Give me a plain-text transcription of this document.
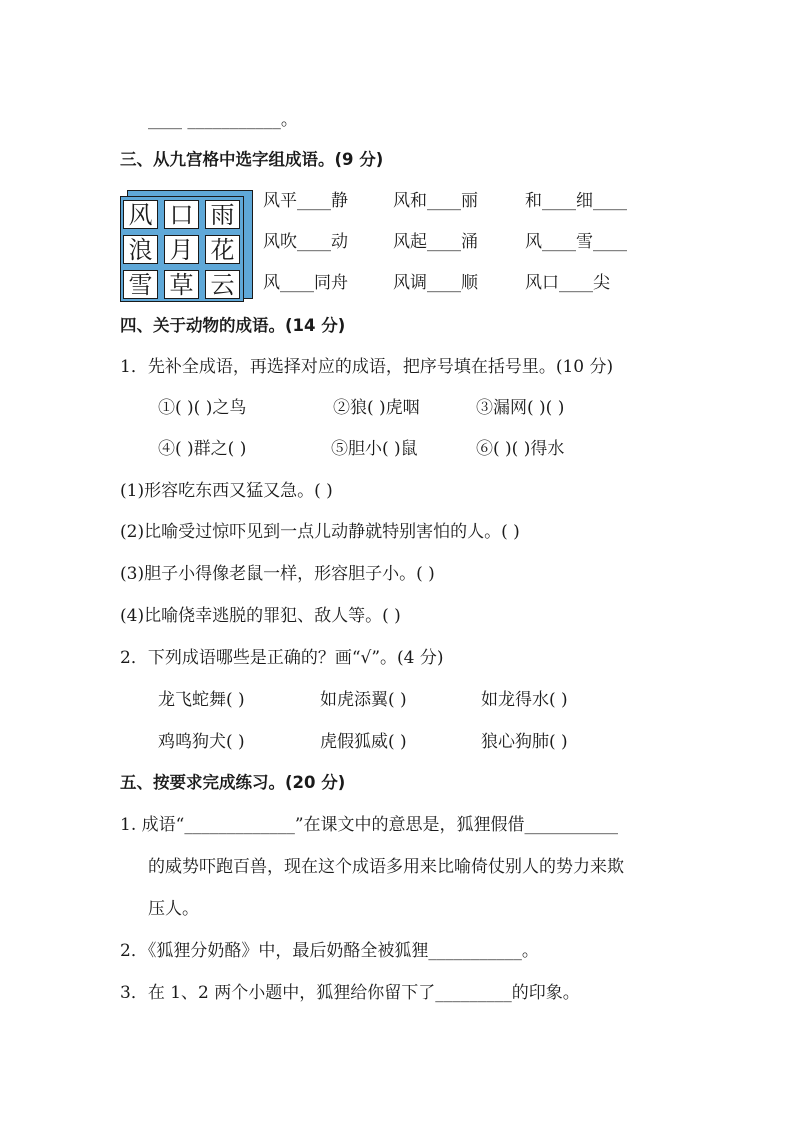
____ ___________。
三、从九宫格中选字组成语。(9 分)
风 口 雨
浪 月 花
雪 草 云
风平____静	风和____丽	和____细____
风吹____动	风起____涌	风____雪____
风____同舟	风调____顺	风口____尖
四、关于动物的成语。(14 分)
1．先补全成语，再选择对应的成语，把序号填在括号里。(10 分)
①( )( )之鸟	②狼( )虎咽	③漏网( )( )
④( )群之( )	⑤胆小( )鼠	⑥( )( )得水
(1)形容吃东西又猛又急。( )
(2)比喻受过惊吓见到一点儿动静就特别害怕的人。( )
(3)胆子小得像老鼠一样，形容胆子小。( )
(4)比喻侥幸逃脱的罪犯、敌人等。( )
2．下列成语哪些是正确的？画“√”。(4 分)
龙飞蛇舞( )	如虎添翼( )	如龙得水( )
鸡鸣狗犬( )	虎假狐威( )	狼心狗肺( )
五、按要求完成练习。(20 分)
1. 成语“_____________”在课文中的意思是，狐狸假借___________
的威势吓跑百兽，现在这个成语多用来比喻倚仗别人的势力来欺
压人。
2．《狐狸分奶酪》中，最后奶酪全被狐狸___________。
3．在 1、2 两个小题中，狐狸给你留下了_________的印象。
